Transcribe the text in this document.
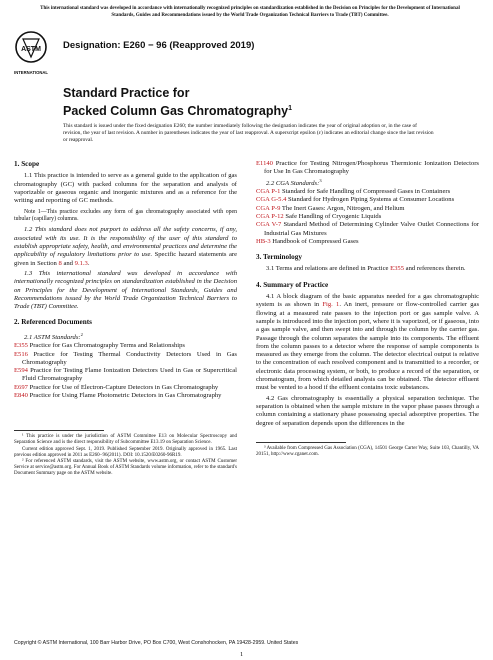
This international standard was developed in accordance with internationally recognized principles on standardization established in the Decision on Principles for the Development of International Standards, Guides and Recommendations issued by the World Trade Organization Technical Barriers to Trade (TBT) Committee.
ASTM
INTERNATIONAL
Designation: E260 − 96 (Reapproved 2019)
Standard Practice for
Packed Column Gas Chromatography$^1$
This standard is issued under the fixed designation E260; the number immediately following the designation indicates the year of original adoption or, in the case of revision, the year of last revision. A number in parentheses indicates the year of last reapproval. A superscript epsilon (ε) indicates an editorial change since the last revision or reapproval.

1. Scope

1.1 This practice is intended to serve as a general guide to the application of gas chromatography (GC) with packed columns for the separation and analysis of vaporizable or gaseous organic and inorganic mixtures and as a reference for the writing and reporting of GC methods.

Note 1—This practice excludes any form of gas chromatography associated with open tubular (capillary) columns.

1.2 This standard does not purport to address all the safety concerns, if any, associated with its use. It is the responsibility of the user of this standard to establish appropriate safety, health, and environmental practices and determine the applicability of regulatory limitations prior to use. Specific hazard statements are given in Section 8 and 9.1.3.

1.3 This international standard was developed in accordance with internationally recognized principles on standardization established in the Decision on Principles for the Development of International Standards, Guides and Recommendations issued by the World Trade Organization Technical Barriers to Trade (TBT) Committee.

2. Referenced Documents

2.1 ASTM Standards:$^2$

E355 Practice for Gas Chromatography Terms and Relationships

E516 Practice for Testing Thermal Conductivity Detectors Used in Gas Chromatography

E594 Practice for Testing Flame Ionization Detectors Used in Gas or Supercritical Fluid Chromatography

E697 Practice for Use of Electron-Capture Detectors in Gas Chromatography

E840 Practice for Using Flame Photometric Detectors in Gas Chromatography

¹ This practice is under the jurisdiction of ASTM Committee E13 on Molecular Spectroscopy and Separation Science and is the direct responsibility of Subcommittee E13.19 on Separation Science.

Current edition approved Sept. 1, 2019. Published September 2019. Originally approved in 1965. Last previous edition approved in 2011 as E260−96(2011). DOI: 10.1520/E0260-96R19.

² For referenced ASTM standards, visit the ASTM website, www.astm.org, or contact ASTM Customer Service at service@astm.org. For Annual Book of ASTM Standards volume information, refer to the standard's Document Summary page on the ASTM website.

E1140 Practice for Testing Nitrogen/Phosphorus Thermionic Ionization Detectors for Use In Gas Chromatography

2.2 CGA Standards:$^3$

CGA P-1 Standard for Safe Handling of Compressed Gases in Containers

CGA G-5.4 Standard for Hydrogen Piping Systems at Consumer Locations

CGA P-9 The Inert Gases: Argon, Nitrogen, and Helium

CGA P-12 Safe Handling of Cryogenic Liquids

CGA V-7 Standard Method of Determining Cylinder Valve Outlet Connections for Industrial Gas Mixtures

HB-3 Handbook of Compressed Gases

3. Terminology

3.1 Terms and relations are defined in Practice E355 and references therein.

4. Summary of Practice

4.1 A block diagram of the basic apparatus needed for a gas chromatographic system is as shown in Fig. 1. An inert, pressure or flow-controlled carrier gas flowing at a measured rate passes to the injection port or gas sample valve. A sample is introduced into the injection port, where it is vaporized, or if gaseous, into a gas sample valve, and then swept into and through the column by the carrier gas. Passage through the column separates the sample into its components. The effluent from the column passes to a detector where the response of sample components is measured as they emerge from the column. The detector electrical output is relative to the concentration of each resolved component and is transmitted to a recorder, or electronic data processing system, or both, to produce a record of the separation, or chromatogram, from which detailed analysis can be obtained. The detector effluent must be vented to a hood if the effluent contains toxic substances.

4.2 Gas chromatography is essentially a physical separation technique. The separation is obtained when the sample mixture in the vapor phase passes through a column containing a stationary phase possessing special adsorptive properties. The degree of separation depends upon the differences in the

³ Available from Compressed Gas Association (CGA), 14501 George Carter Way, Suite 103, Chantilly, VA 20151, http://www.cganet.com.

Copyright © ASTM International, 100 Barr Harbor Drive, PO Box C700, West Conshohocken, PA 19428-2959. United States
1
